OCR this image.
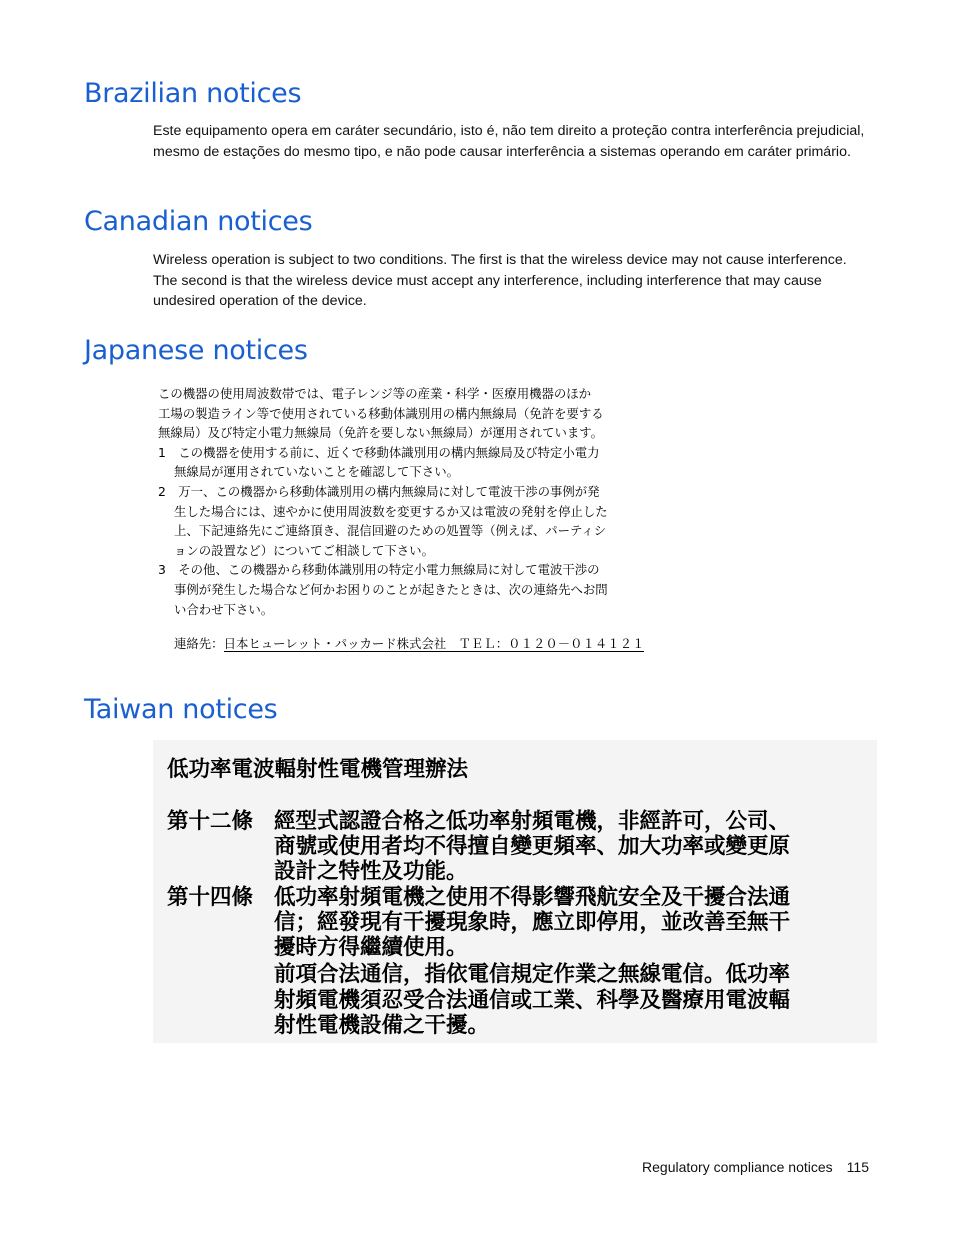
Brazilian notices

Este equipamento opera em caráter secundário, isto é, não tem direito a proteção contra interferência prejudicial, mesmo de estações do mesmo tipo, e não pode causar interferência a sistemas operando em caráter primário.

Canadian notices

Wireless operation is subject to two conditions. The first is that the wireless device may not cause interference. The second is that the wireless device must accept any interference, including interference that may cause undesired operation of the device.

Japanese notices
この機器の使用周波数帯では、電子レンジ等の産業・科学・医療用機器のほか
工場の製造ライン等で使用されている移動体識別用の構内無線局（免許を要する
無線局）及び特定小電力無線局（免許を要しない無線局）が運用されています。
1　この機器を使用する前に、近くで移動体識別用の構内無線局及び特定小電力
無線局が運用されていないことを確認して下さい。
2　万一、この機器から移動体識別用の構内無線局に対して電波干渉の事例が発
生した場合には、速やかに使用周波数を変更するか又は電波の発射を停止した
上、下記連絡先にご連絡頂き、混信回避のための処置等（例えば、パーティシ
ョンの設置など）についてご相談して下さい。
3　その他、この機器から移動体識別用の特定小電力無線局に対して電波干渉の
事例が発生した場合など何かお困りのことが起きたときは、次の連絡先へお問
い合わせ下さい。
連絡先：日本ヒューレット・パッカード株式会社　ＴＥＬ：０１２０－０１４１２１
Taiwan notices
低功率電波輻射性電機管理辦法
第十二條 經型式認證合格之低功率射頻電機，非經許可，公司、
商號或使用者均不得擅自變更頻率、加大功率或變更原
設計之特性及功能。
第十四條 低功率射頻電機之使用不得影響飛航安全及干擾合法通
信；經發現有干擾現象時，應立即停用，並改善至無干
擾時方得繼續使用。
前項合法通信，指依電信規定作業之無線電信。低功率
射頻電機須忍受合法通信或工業、科學及醫療用電波輻
射性電機設備之干擾。
Regulatory compliance notices 115
